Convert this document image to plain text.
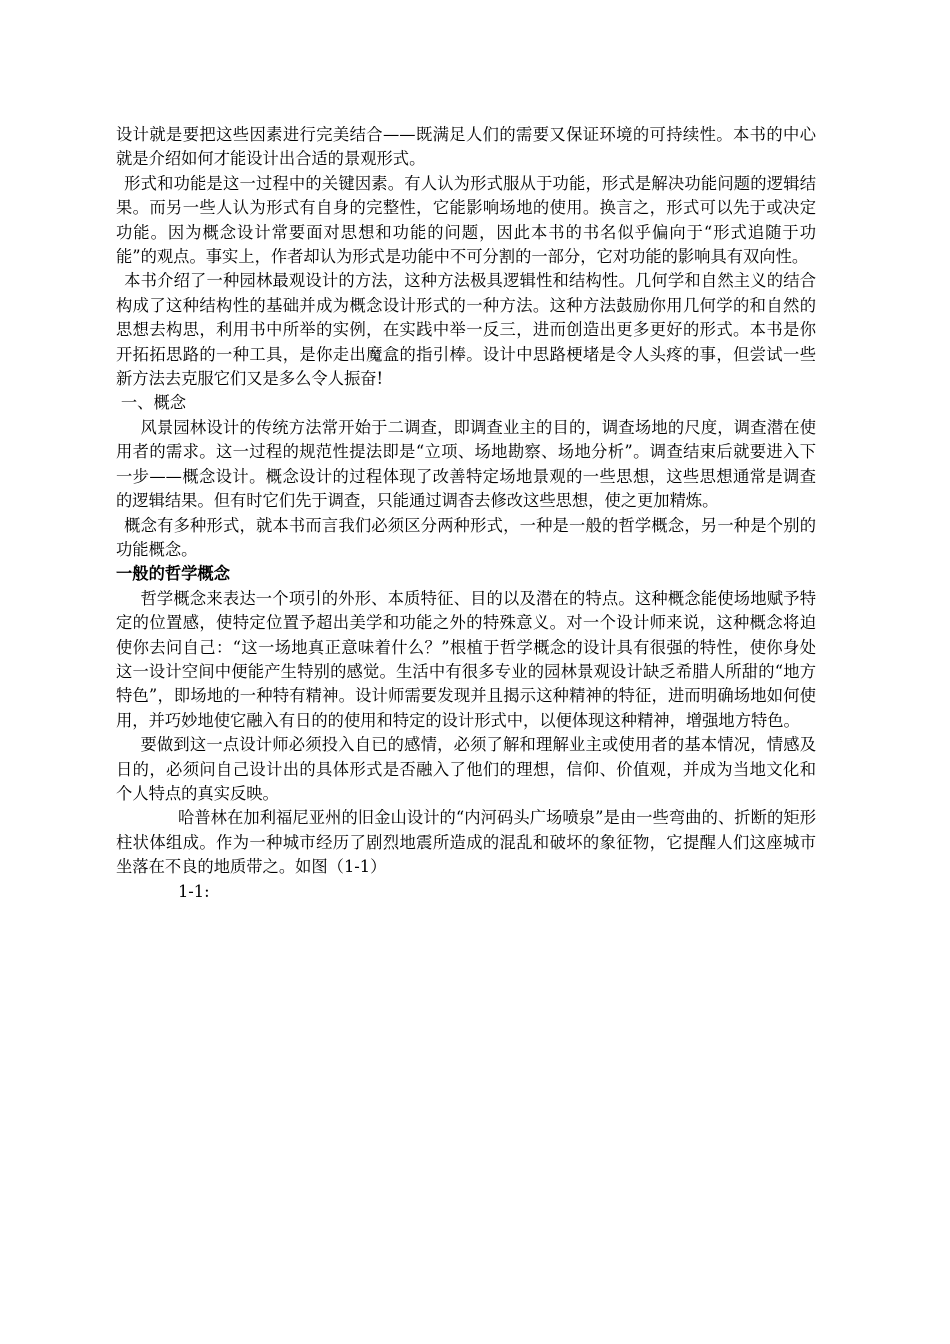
设计就是要把这些因素进行完美结合——既满足人们的需要又保证环境的可持续性。本书的中心就是介绍如何才能设计出合适的景观形式。

形式和功能是这一过程中的关键因素。有人认为形式服从于功能，形式是解决功能问题的逻辑结果。而另一些人认为形式有自身的完整性，它能影响场地的使用。换言之，形式可以先于或决定功能。因为概念设计常要面对思想和功能的问题，因此本书的书名似乎偏向于“形式追随于功能”的观点。事实上，作者却认为形式是功能中不可分割的一部分，它对功能的影响具有双向性。

本书介绍了一种园林最观设计的方法，这种方法极具逻辑性和结构性。几何学和自然主义的结合构成了这种结构性的基础并成为概念设计形式的一种方法。这种方法鼓励你用几何学的和自然的思想去构思，利用书中所举的实例，在实践中举一反三，进而创造出更多更好的形式。本书是你开拓拓思路的一种工具，是你走出魔盒的指引棒。设计中思路梗堵是令人头疼的事，但尝试一些新方法去克服它们又是多么令人振奋!

一、概念

风景园林设计的传统方法常开始于二调查，即调查业主的目的，调查场地的尺度，调查潜在使用者的需求。这一过程的规范性提法即是“立项、场地勘察、场地分析”。调查结束后就要进入下一步——概念设计。概念设计的过程体现了改善特定场地景观的一些思想，这些思想通常是调查的逻辑结果。但有时它们先于调查，只能通过调杳去修改这些思想，使之更加精炼。

概念有多种形式，就本书而言我们必须区分两种形式，一种是一般的哲学概念，另一种是个别的功能概念。

一般的哲学概念

哲学概念来表达一个项引的外形、本质特征、目的以及潜在的特点。这种概念能使场地赋予特定的位置感，使特定位置予超出美学和功能之外的特殊意义。对一个设计师来说，这种概念将迫使你去问自己：“这一场地真正意味着什么？”根植于哲学概念的设计具有很强的特性，使你身处这一设计空间中便能产生特别的感觉。生活中有很多专业的园林景观设计缺乏希腊人所甜的“地方特色”，即场地的一种特有精神。设计师需要发现并且揭示这种精神的特征，进而明确场地如何使用，并巧妙地使它融入有日的的使用和特定的设计形式中，以便体现这种精神，增强地方特色。

要做到这一点设计师必须投入自已的感情，必须了解和理解业主或使用者的基本情况，情感及日的，必须问自己设计出的具体形式是否融入了他们的理想，信仰、价值观，并成为当地文化和个人特点的真实反映。

哈普林在加利福尼亚州的旧金山设计的“内河码头广场喷泉”是由一些弯曲的、折断的矩形柱状体组成。作为一种城市经历了剧烈地震所造成的混乱和破坏的象征物，它提醒人们这座城市坐落在不良的地质带之。如图（1-1）

1-1:
